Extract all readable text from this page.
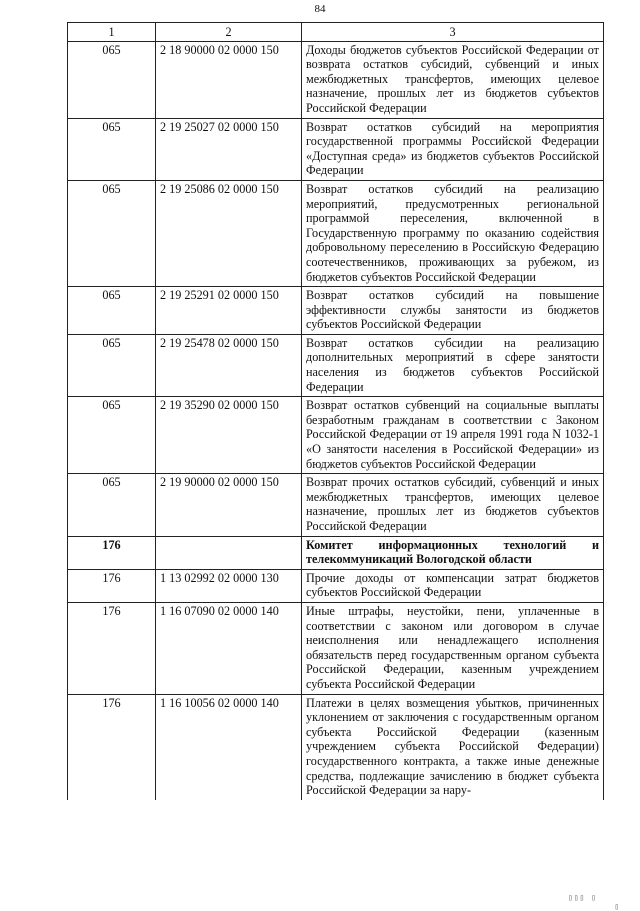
84
1	2	3
065	2 18 90000 02 0000 150	Доходы бюджетов субъектов Российской Федерации от возврата остатков субсидий, субвенций и иных межбюджетных трансфертов, имеющих целевое назначение, прошлых лет из бюджетов субъектов Российской Федерации
065	2 19 25027 02 0000 150	Возврат остатков субсидий на мероприятия государственной программы Российской Федерации «Доступная среда» из бюджетов субъектов Российской Федерации
065	2 19 25086 02 0000 150	Возврат остатков субсидий на реализацию мероприятий, предусмотренных региональной программой переселения, включенной в Государственную программу по оказанию содействия добровольному переселению в Российскую Федерацию соотечественников, проживающих за рубежом, из бюджетов субъектов Российской Федерации
065	2 19 25291 02 0000 150	Возврат остатков субсидий на повышение эффективности службы занятости из бюджетов субъектов Российской Федерации
065	2 19 25478 02 0000 150	Возврат остатков субсидии на реализацию дополнительных мероприятий в сфере занятости населения из бюджетов субъектов Российской Федерации
065	2 19 35290 02 0000 150	Возврат остатков субвенций на социальные выплаты безработным гражданам в соответствии с Законом Российской Федерации от 19 апреля 1991 года N 1032-1 «О занятости населения в Российской Федерации» из бюджетов субъектов Российской Федерации
065	2 19 90000 02 0000 150	Возврат прочих остатков субсидий, субвенций и иных межбюджетных трансфертов, имеющих целевое назначение, прошлых лет из бюджетов субъектов Российской Федерации
176		Комитет информационных технологий и телекоммуникаций Вологодской области
176	1 13 02992 02 0000 130	Прочие доходы от компенсации затрат бюджетов субъектов Российской Федерации
176	1 16 07090 02 0000 140	Иные штрафы, неустойки, пени, уплаченные в соответствии с законом или договором в случае неисполнения или ненадлежащего исполнения обязательств перед государственным органом субъекта Российской Федерации, казенным учреждением субъекта Российской Федерации
176	1 16 10056 02 0000 140	Платежи в целях возмещения убытков, причиненных уклонением от заключения с государственным органом субъекта Российской Федерации (казенным учреждением субъекта Российской Федерации) государственного контракта, а также иные денежные средства, подлежащие зачислению в бюджет субъекта Российской Федерации за нару-
▯▯▯ ▯         ▯
